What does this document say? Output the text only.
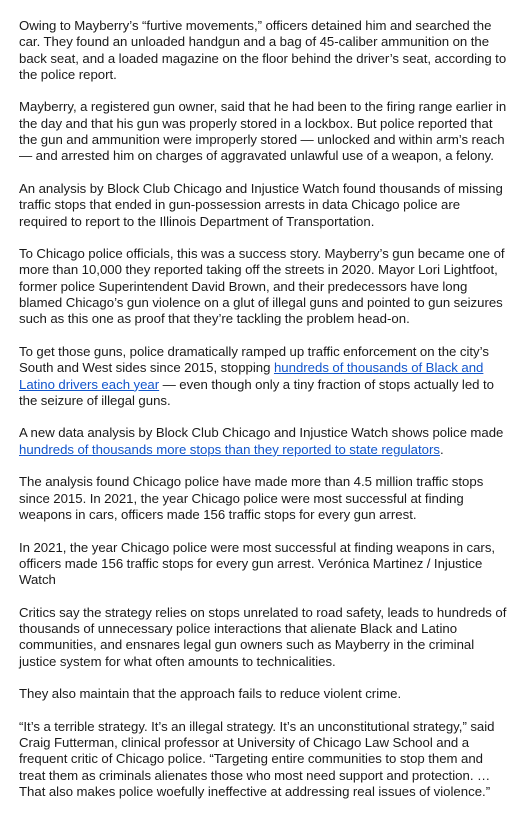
Owing to Mayberry’s “furtive movements,” officers detained him and searched the car. They found an unloaded handgun and a bag of 45-caliber ammunition on the back seat, and a loaded magazine on the floor behind the driver’s seat, according to the police report.

Mayberry, a registered gun owner, said that he had been to the firing range earlier in the day and that his gun was properly stored in a lockbox. But police reported that the gun and ammunition were improperly stored — unlocked and within arm’s reach — and arrested him on charges of aggravated unlawful use of a weapon, a felony.

An analysis by Block Club Chicago and Injustice Watch found thousands of missing traffic stops that ended in gun-possession arrests in data Chicago police are required to report to the Illinois Department of Transportation.

To Chicago police officials, this was a success story. Mayberry’s gun became one of more than 10,000 they reported taking off the streets in 2020. Mayor Lori Lightfoot, former police Superintendent David Brown, and their predecessors have long blamed Chicago’s gun violence on a glut of illegal guns and pointed to gun seizures such as this one as proof that they’re tackling the problem head-on.

To get those guns, police dramatically ramped up traffic enforcement on the city’s South and West sides since 2015, stopping hundreds of thousands of Black and Latino drivers each year — even though only a tiny fraction of stops actually led to the seizure of illegal guns.

A new data analysis by Block Club Chicago and Injustice Watch shows police made hundreds of thousands more stops than they reported to state regulators.

The analysis found Chicago police have made more than 4.5 million traffic stops since 2015. In 2021, the year Chicago police were most successful at finding weapons in cars, officers made 156 traffic stops for every gun arrest.

In 2021, the year Chicago police were most successful at finding weapons in cars, officers made 156 traffic stops for every gun arrest. Verónica Martinez / Injustice Watch

Critics say the strategy relies on stops unrelated to road safety, leads to hundreds of thousands of unnecessary police interactions that alienate Black and Latino communities, and ensnares legal gun owners such as Mayberry in the criminal justice system for what often amounts to technicalities.

They also maintain that the approach fails to reduce violent crime.

“It’s a terrible strategy. It’s an illegal strategy. It’s an unconstitutional strategy,” said Craig Futterman, clinical professor at University of Chicago Law School and a frequent critic of Chicago police. “Targeting entire communities to stop them and treat them as criminals alienates those who most need support and protection. … That also makes police woefully ineffective at addressing real issues of violence.”
